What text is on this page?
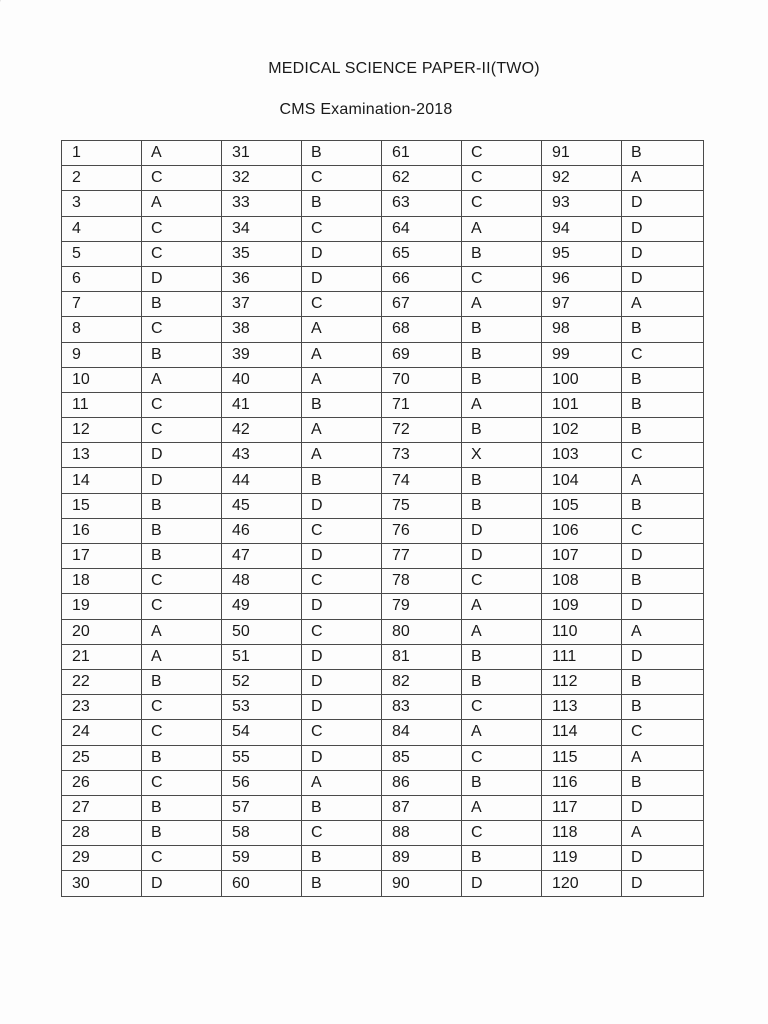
MEDICAL SCIENCE PAPER-II(TWO)
CMS Examination-2018
1	A	31	B	61	C	91	B
2	C	32	C	62	C	92	A
3	A	33	B	63	C	93	D
4	C	34	C	64	A	94	D
5	C	35	D	65	B	95	D
6	D	36	D	66	C	96	D
7	B	37	C	67	A	97	A
8	C	38	A	68	B	98	B
9	B	39	A	69	B	99	C
10	A	40	A	70	B	100	B
11	C	41	B	71	A	101	B
12	C	42	A	72	B	102	B
13	D	43	A	73	X	103	C
14	D	44	B	74	B	104	A
15	B	45	D	75	B	105	B
16	B	46	C	76	D	106	C
17	B	47	D	77	D	107	D
18	C	48	C	78	C	108	B
19	C	49	D	79	A	109	D
20	A	50	C	80	A	110	A
21	A	51	D	81	B	111	D
22	B	52	D	82	B	112	B
23	C	53	D	83	C	113	B
24	C	54	C	84	A	114	C
25	B	55	D	85	C	115	A
26	C	56	A	86	B	116	B
27	B	57	B	87	A	117	D
28	B	58	C	88	C	118	A
29	C	59	B	89	B	119	D
30	D	60	B	90	D	120	D
